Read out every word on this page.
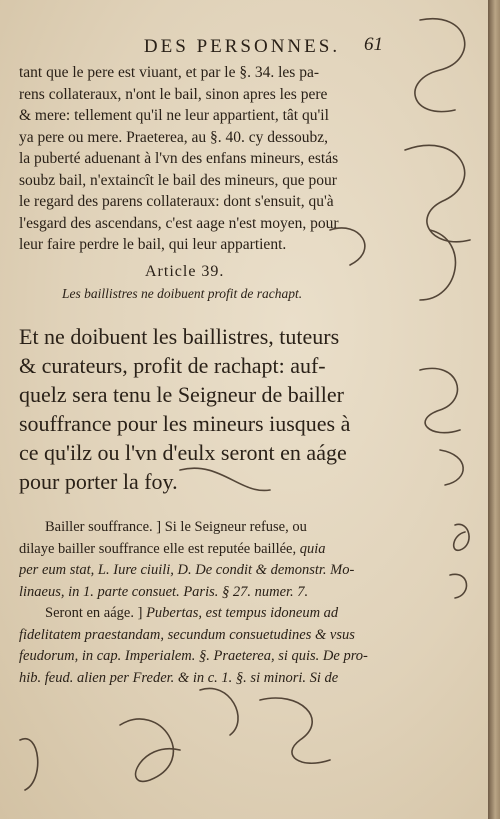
DES PERSONNES.	61
tant que le pere est viuant, et par le §. 34. les pa-
rens collateraux, n'ont le bail, sinon apres les pere
& mere: tellement qu'il ne leur appartient, tât qu'il
ya pere ou mere. Praeterea, au §. 40. cy dessoubz,
la puberté aduenant à l'vn des enfans mineurs, estás
soubz bail, n'extaincît le bail des mineurs, que pour
le regard des parens collateraux: dont s'ensuit, qu'à
l'esgard des ascendans, c'est aage n'est moyen, pour
leur faire perdre le bail, qui leur appartient.
Article 39.
Les baillistres ne doibuent profit de rachapt.
Et ne doibuent les baillistres, tuteurs
& curateurs, profit de rachapt: auf-
quelz sera tenu le Seigneur de bailler
souffrance pour les mineurs iusques à
ce qu'ilz ou l'vn d'eulx seront en aáge
pour porter la foy.
Bailler souffrance. ] Si le Seigneur refuse, ou
dilaye bailler souffrance elle est reputée baillée, quia
per eum stat, L. Iure ciuili, D. De condit & demonstr. Mo-
linaeus, in 1. parte consuet. Paris. § 27. numer. 7.
Seront en aáge. ] Pubertas, est tempus idoneum ad
fidelitatem praestandam, secundum consuetudines & vsus
feudorum, in cap. Imperialem. §. Praeterea, si quis. De pro-
hib. feud. alien per Freder. & in c. 1. §. si minori. Si de
